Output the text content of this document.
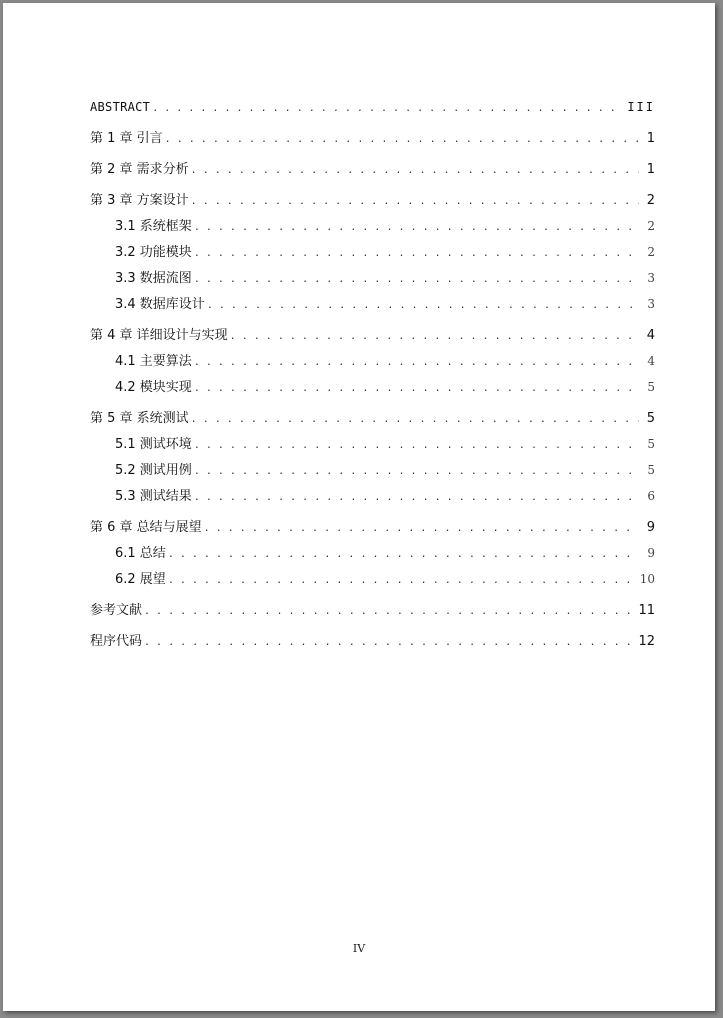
ABSTRACT . . .	III
第 1 章 引言 . . .	1
第 2 章 需求分析 . . .	1
第 3 章 方案设计 . . .	2
3.1 系统框架 . . .	2
3.2 功能模块 . . .	2
3.3 数据流图 . . .	3
3.4 数据库设计 . . .	3
第 4 章 详细设计与实现 . . .	4
4.1 主要算法 . . .	4
4.2 模块实现 . . .	5
第 5 章 系统测试 . . .	5
5.1 测试环境 . . .	5
5.2 测试用例 . . .	5
5.3 测试结果 . . .	6
第 6 章 总结与展望 . . .	9
6.1 总结 . . .	9
6.2 展望 . . .	10
参考文献 . . .	11
程序代码 . . .	12
IV
